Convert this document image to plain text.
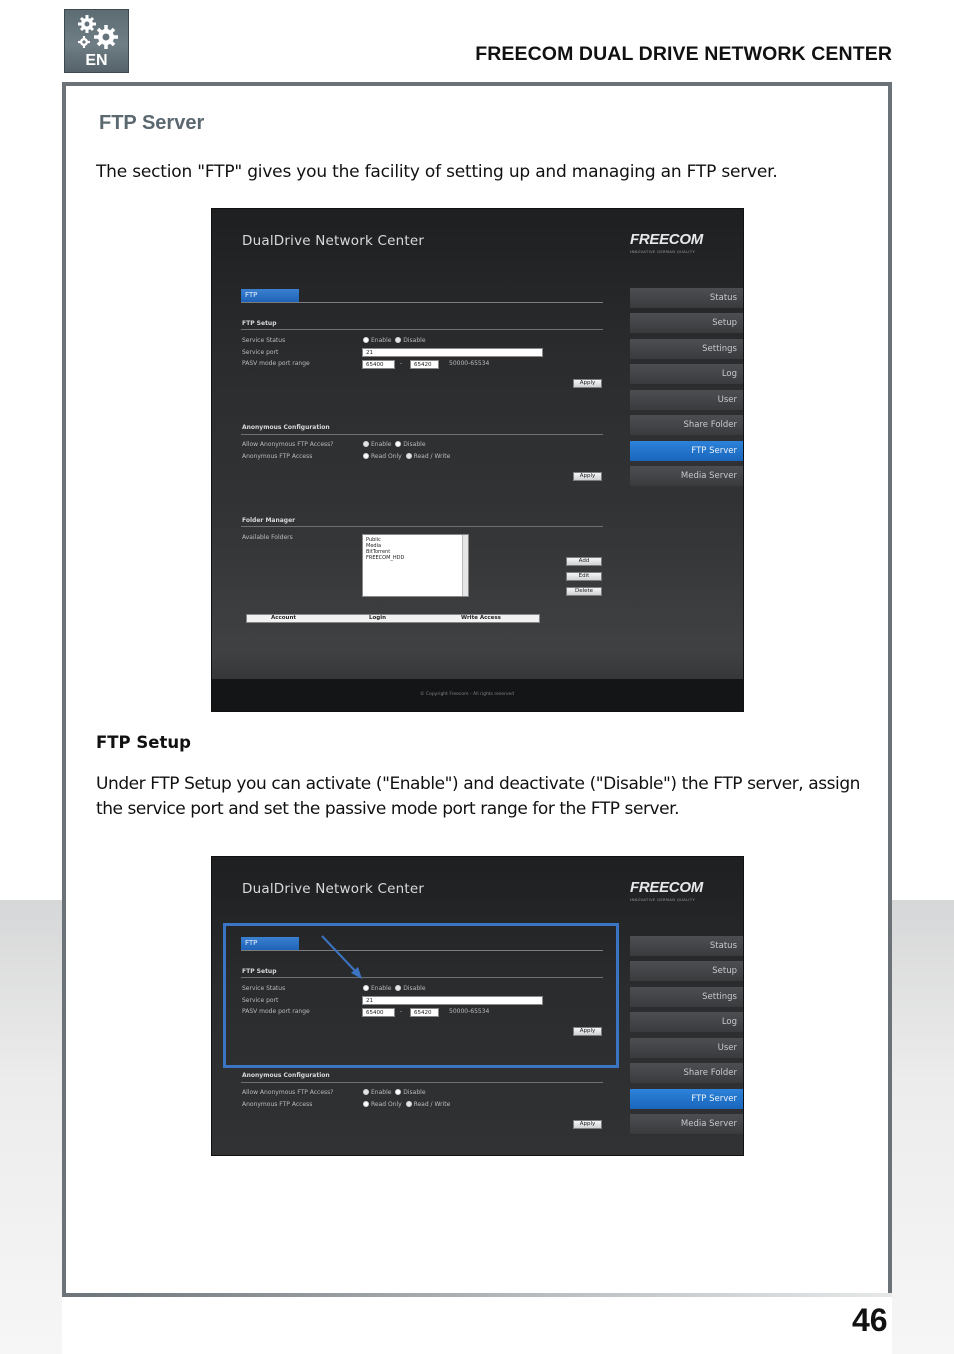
EN	FREECOM DUAL DRIVE NETWORK CENTER
FTP Server
The section "FTP" gives you the facility of setting up and managing an FTP server.
DualDrive Network Center	FREECOM
INNOVATIVE GERMAN QUALITY
FTP
FTP Setup
Service Status	Enable Disable
Service port	21
PASV mode port range	65400	-	65420	50000-65534
Apply
Anonymous Configuration
Allow Anonymous FTP Access?	Enable Disable
Anonymous FTP Access	Read Only Read / Write
Apply
Folder Manager
Available Folders	Public
Media
BitTorrent
FREECOM_HDD	Add
Edit
Delete
Account	Login	Write Access
Status
Setup
Settings
Log
User
Share Folder
FTP Server
Media Server
© Copyright Freecom - All rights reserved
FTP Setup
Under FTP Setup you can activate ("Enable") and deactivate ("Disable") the FTP server, assign the service port and set the passive mode port range for the FTP server.
DualDrive Network Center	FREECOM
INNOVATIVE GERMAN QUALITY
FTP
FTP Setup
Service Status	Enable Disable
Service port	21
PASV mode port range	65400	-	65420	50000-65534
Apply
Anonymous Configuration
Allow Anonymous FTP Access?	Enable Disable
Anonymous FTP Access	Read Only Read / Write
Apply
Status
Setup
Settings
Log
User
Share Folder
FTP Server
Media Server
46
